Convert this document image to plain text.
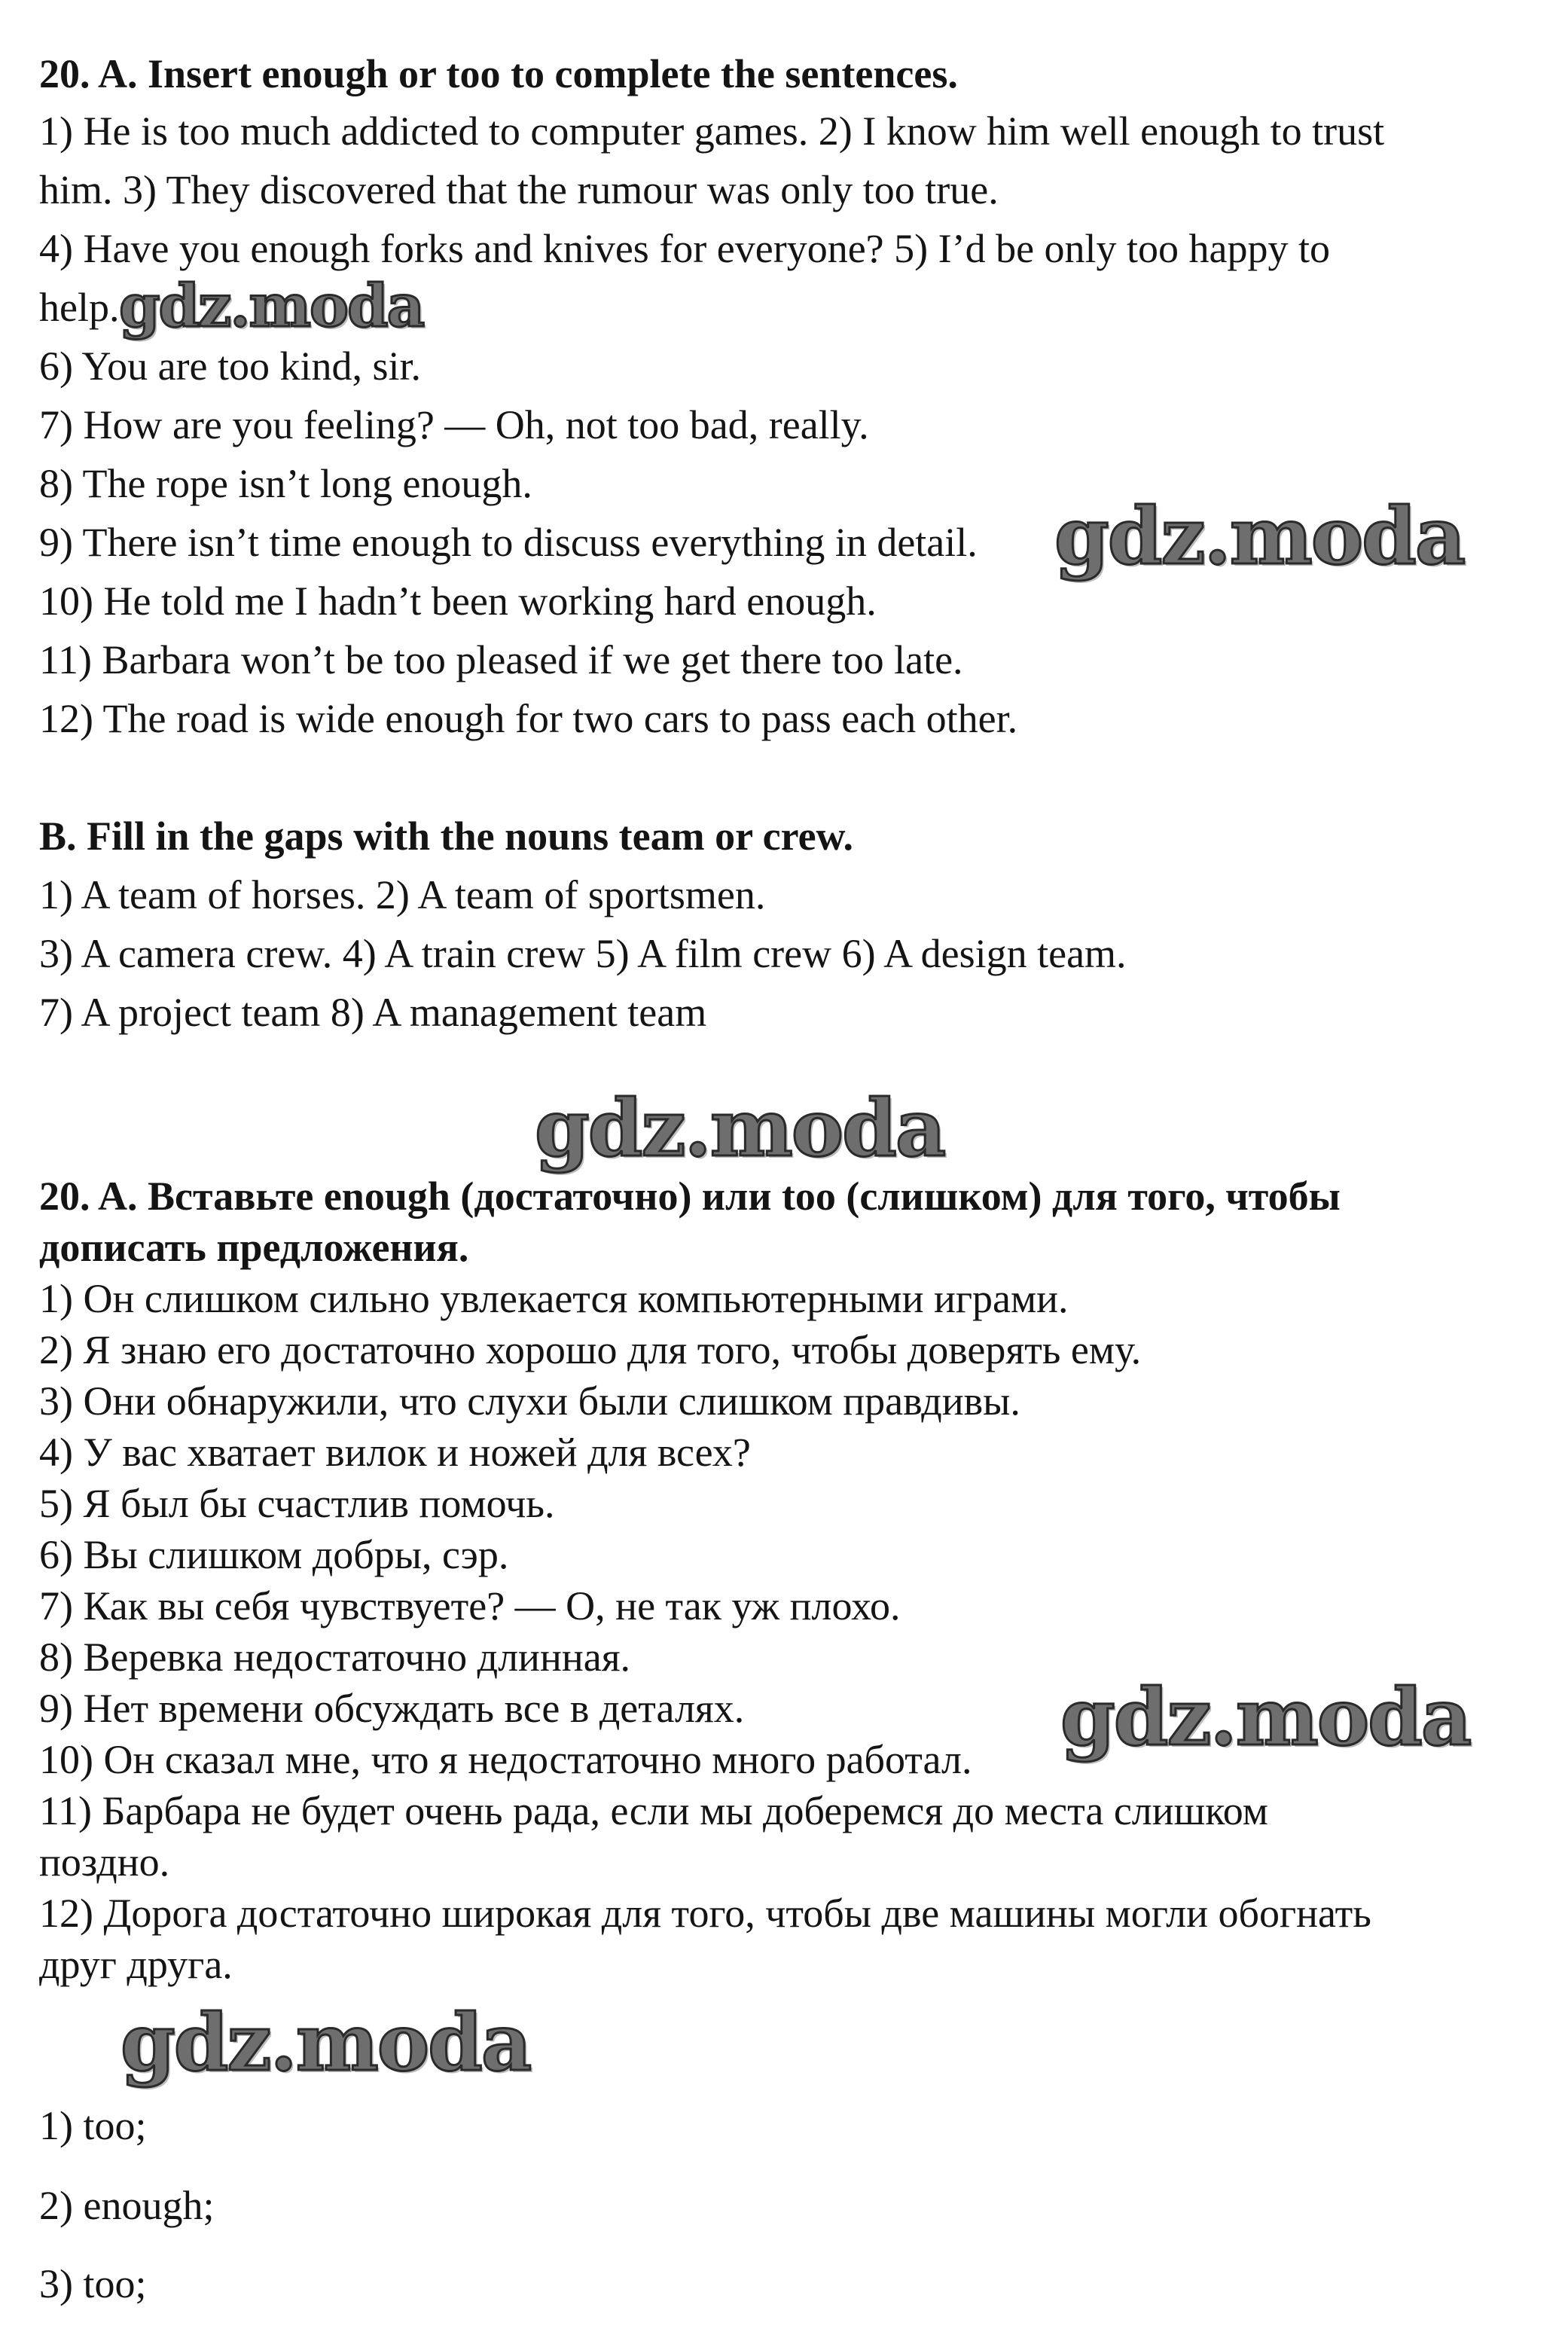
20. A. Insert enough or too to complete the sentences.
1) He is too much addicted to computer games. 2) I know him well enough to trust
him. 3) They discovered that the rumour was only too true.
4) Have you enough forks and knives for everyone? 5) I’d be only too happy to
help.
6) You are too kind, sir.
7) How are you feeling? — Oh, not too bad, really.
8) The rope isn’t long enough.
9) There isn’t time enough to discuss everything in detail.
10) He told me I hadn’t been working hard enough.
11) Barbara won’t be too pleased if we get there too late.
12) The road is wide enough for two cars to pass each other.
B. Fill in the gaps with the nouns team or crew.
1) A team of horses. 2) A team of sportsmen.
3) A camera crew. 4) A train crew 5) A film crew 6) A design team.
7) A project team 8) A management team
20. A. Вставьте enough (достаточно) или too (слишком) для того, чтобы
дописать предложения.
1) Он слишком сильно увлекается компьютерными играми.
2) Я знаю его достаточно хорошо для того, чтобы доверять ему.
3) Они обнаружили, что слухи были слишком правдивы.
4) У вас хватает вилок и ножей для всех?
5) Я был бы счастлив помочь.
6) Вы слишком добры, сэр.
7) Как вы себя чувствуете? — О, не так уж плохо.
8) Веревка недостаточно длинная.
9) Нет времени обсуждать все в деталях.
10) Он сказал мне, что я недостаточно много работал.
11) Барбара не будет очень рада, если мы доберемся до места слишком
поздно.
12) Дорога достаточно широкая для того, чтобы две машины могли обогнать
друг друга.
1) too;
2) enough;
3) too;
gdz.moda
gdz.moda
gdz.moda
gdz.moda
gdz.moda
